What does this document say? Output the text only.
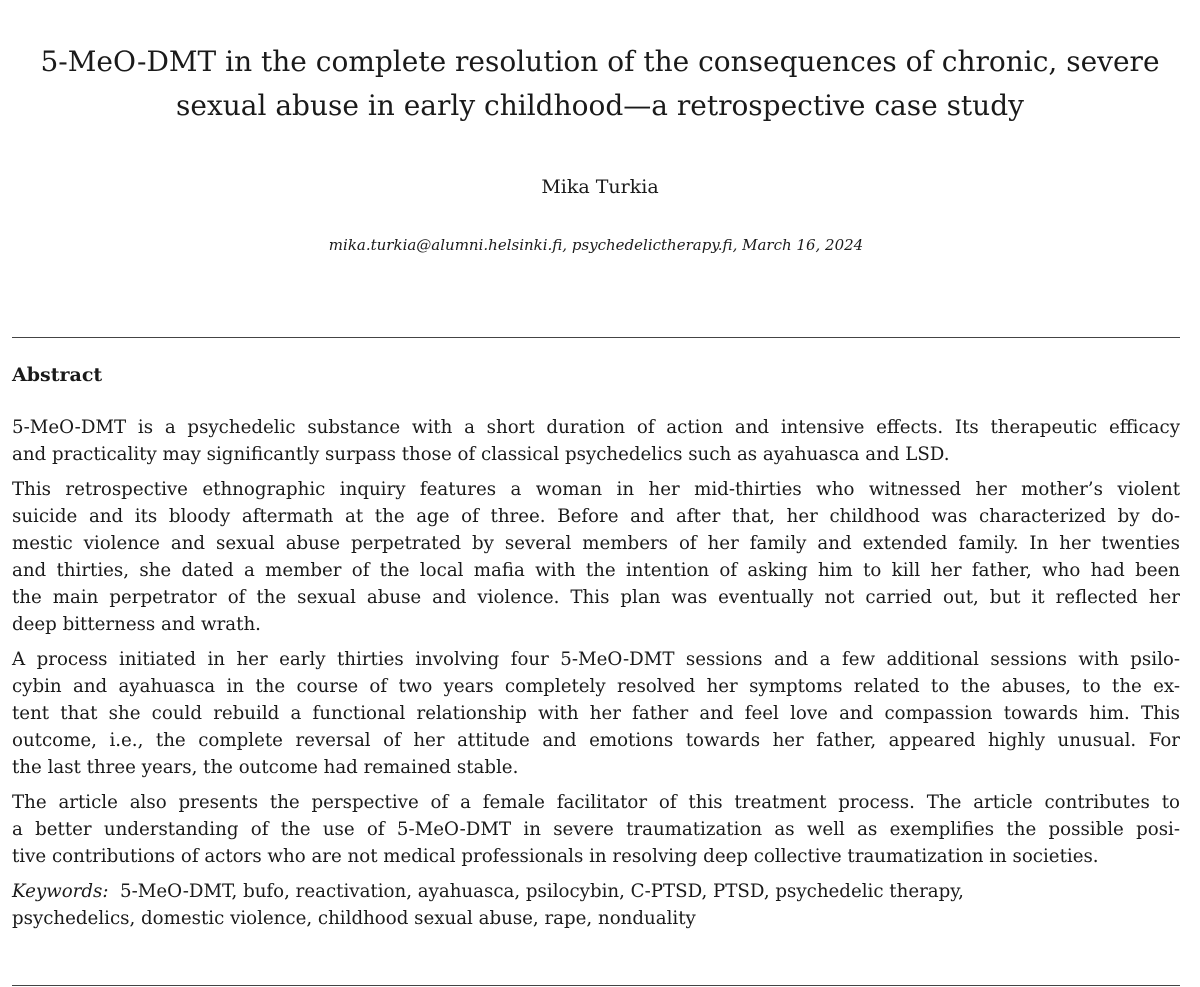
5-MeO-DMT in the complete resolution of the consequences of chronic, severe
sexual abuse in early childhood—a retrospective case study
Mika Turkia
mika.turkia@alumni.helsinki.fi, psychedelictherapy.fi, March 16, 2024
Abstract

5-MeO-DMT is a psychedelic substance with a short duration of action and intensive effects. Its therapeutic efficacy
and practicality may significantly surpass those of classical psychedelics such as ayahuasca and LSD.

This retrospective ethnographic inquiry features a woman in her mid-thirties who witnessed her mother’s violent
suicide and its bloody aftermath at the age of three. Before and after that, her childhood was characterized by do-
mestic violence and sexual abuse perpetrated by several members of her family and extended family. In her twenties
and thirties, she dated a member of the local mafia with the intention of asking him to kill her father, who had been
the main perpetrator of the sexual abuse and violence. This plan was eventually not carried out, but it reflected her
deep bitterness and wrath.

A process initiated in her early thirties involving four 5-MeO-DMT sessions and a few additional sessions with psilo-
cybin and ayahuasca in the course of two years completely resolved her symptoms related to the abuses, to the ex-
tent that she could rebuild a functional relationship with her father and feel love and compassion towards him. This
outcome, i.e., the complete reversal of her attitude and emotions towards her father, appeared highly unusual. For
the last three years, the outcome had remained stable.

The article also presents the perspective of a female facilitator of this treatment process. The article contributes to
a better understanding of the use of 5-MeO-DMT in severe traumatization as well as exemplifies the possible posi-
tive contributions of actors who are not medical professionals in resolving deep collective traumatization in societies.

Keywords: 5-MeO-DMT, bufo, reactivation, ayahuasca, psilocybin, C-PTSD, PTSD, psychedelic therapy,
psychedelics, domestic violence, childhood sexual abuse, rape, nonduality
